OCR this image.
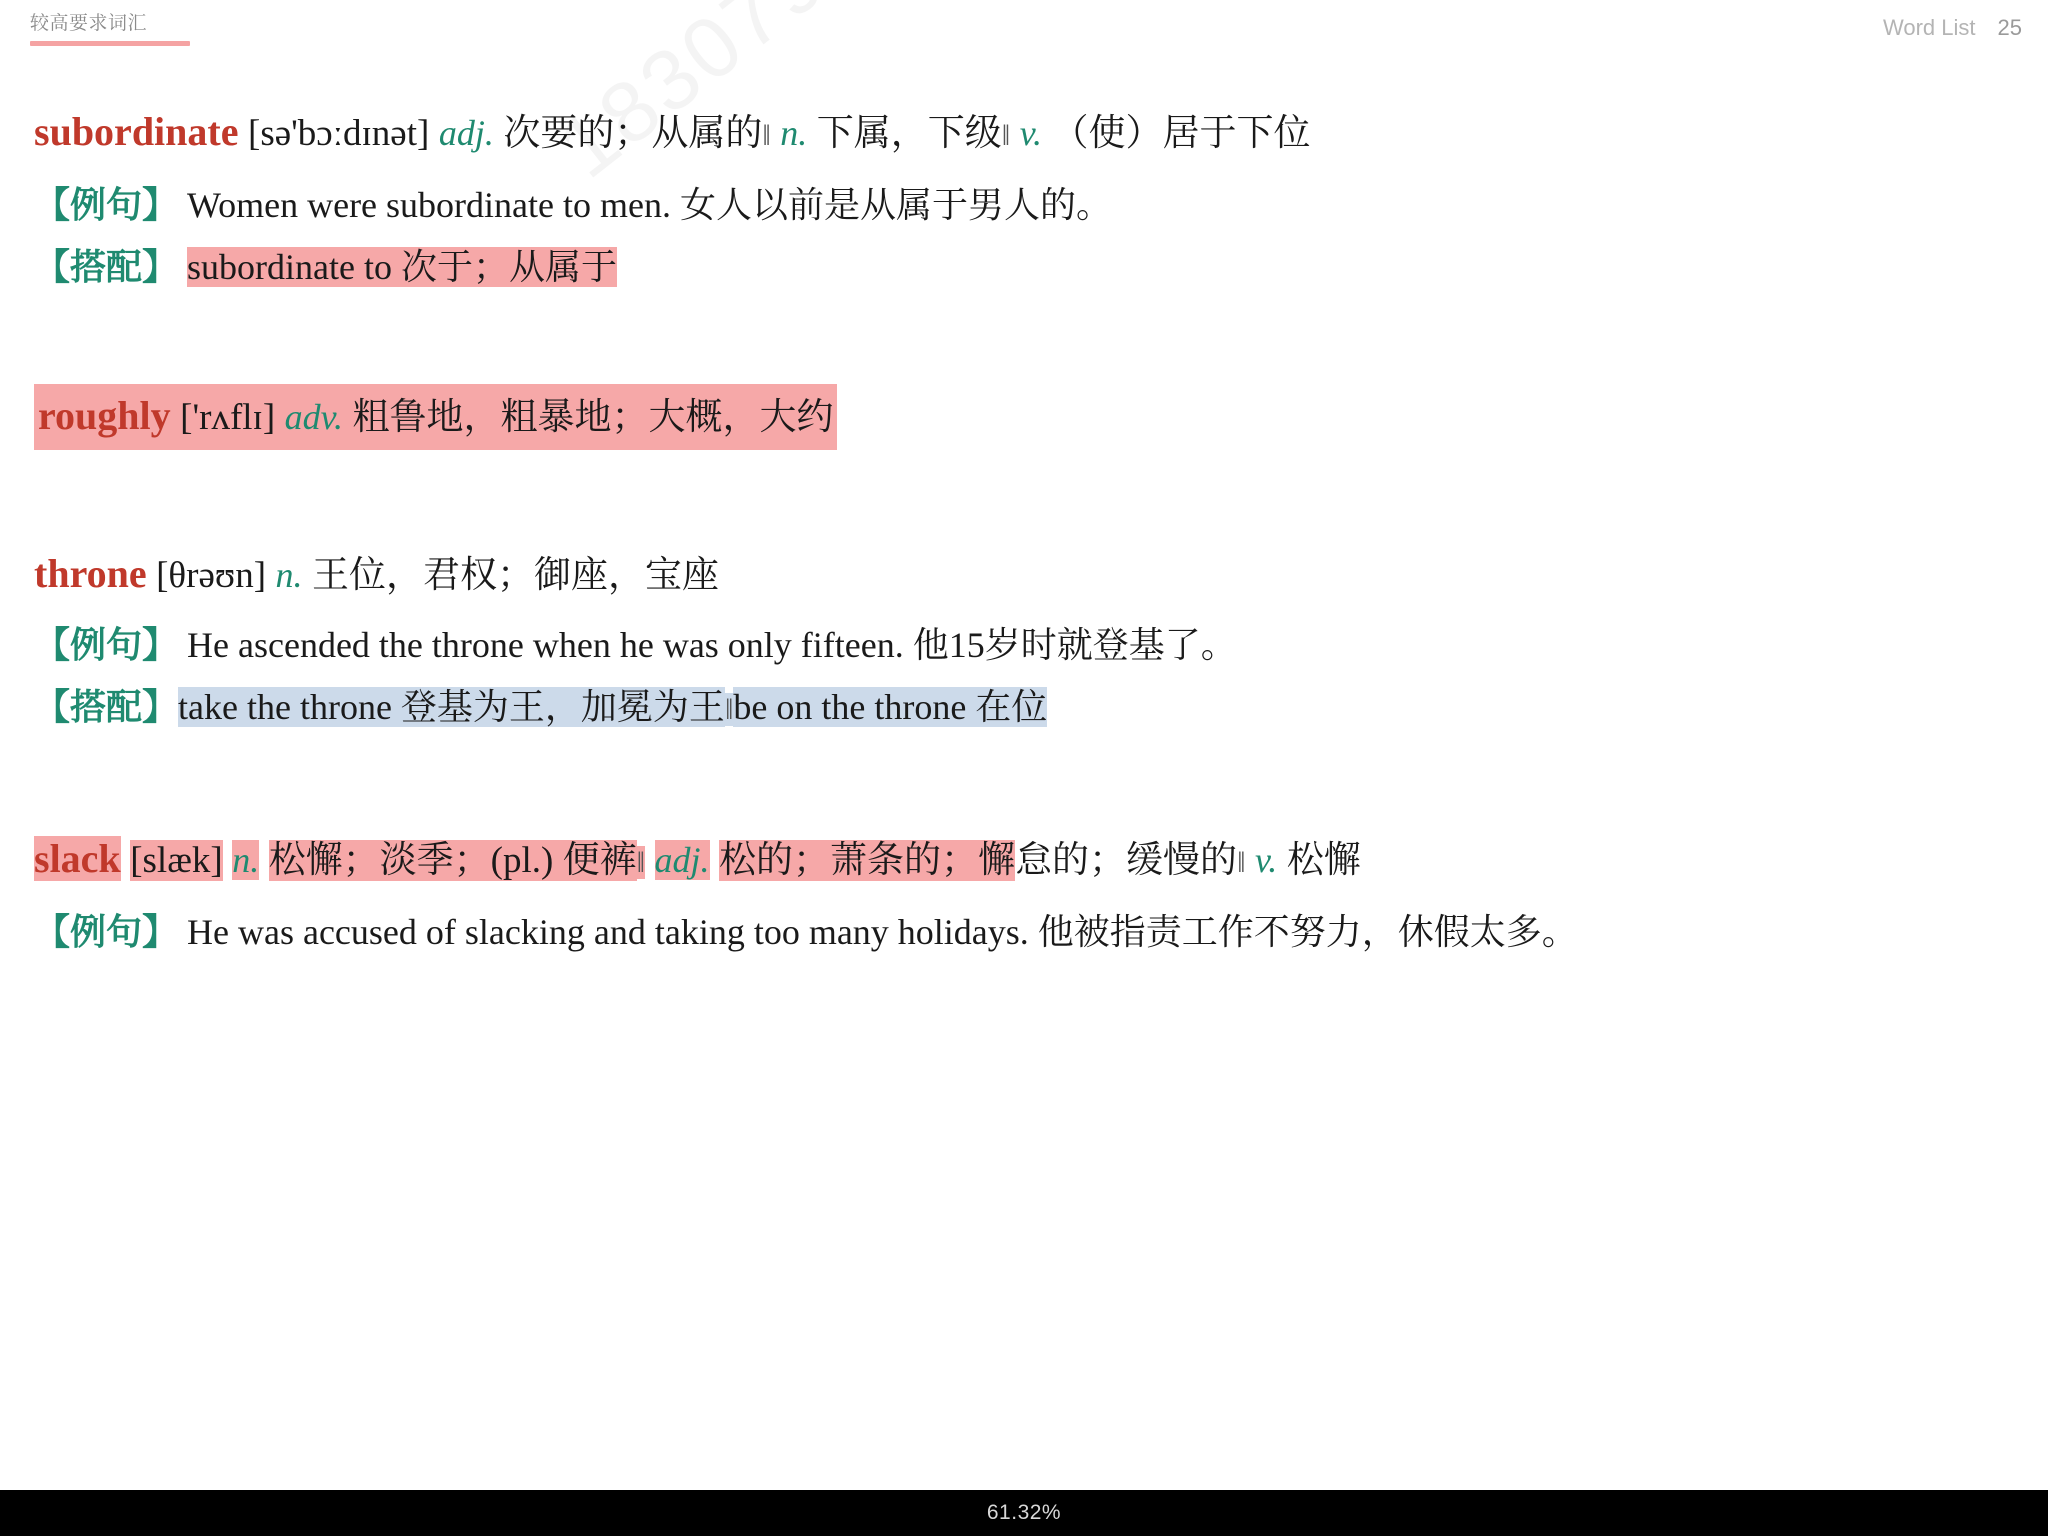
较高要求词汇	Word List 25

subordinate [sə'bɔːdɪnət] adj. 次要的；从属的‖ n. 下属，下级‖ v. （使）居于下位

【例句】 Women were subordinate to men. 女人以前是从属于男人的。

【搭配】 subordinate to 次于；从属于

roughly ['rʌflɪ] adv. 粗鲁地，粗暴地；大概，大约

throne [θrəʊn] n. 王位，君权；御座，宝座

【例句】 He ascended the throne when he was only fifteen. 他15岁时就登基了。

【搭配】take the throne 登基为王，加冕为王‖be on the throne 在位

slack [slæk] n. 松懈；淡季；(pl.) 便裤‖ adj. 松的；萧条的；懈怠的；缓慢的‖ v. 松懈

【例句】 He was accused of slacking and taking too many holidays. 他被指责工作不努力，休假太多。

61.32%
